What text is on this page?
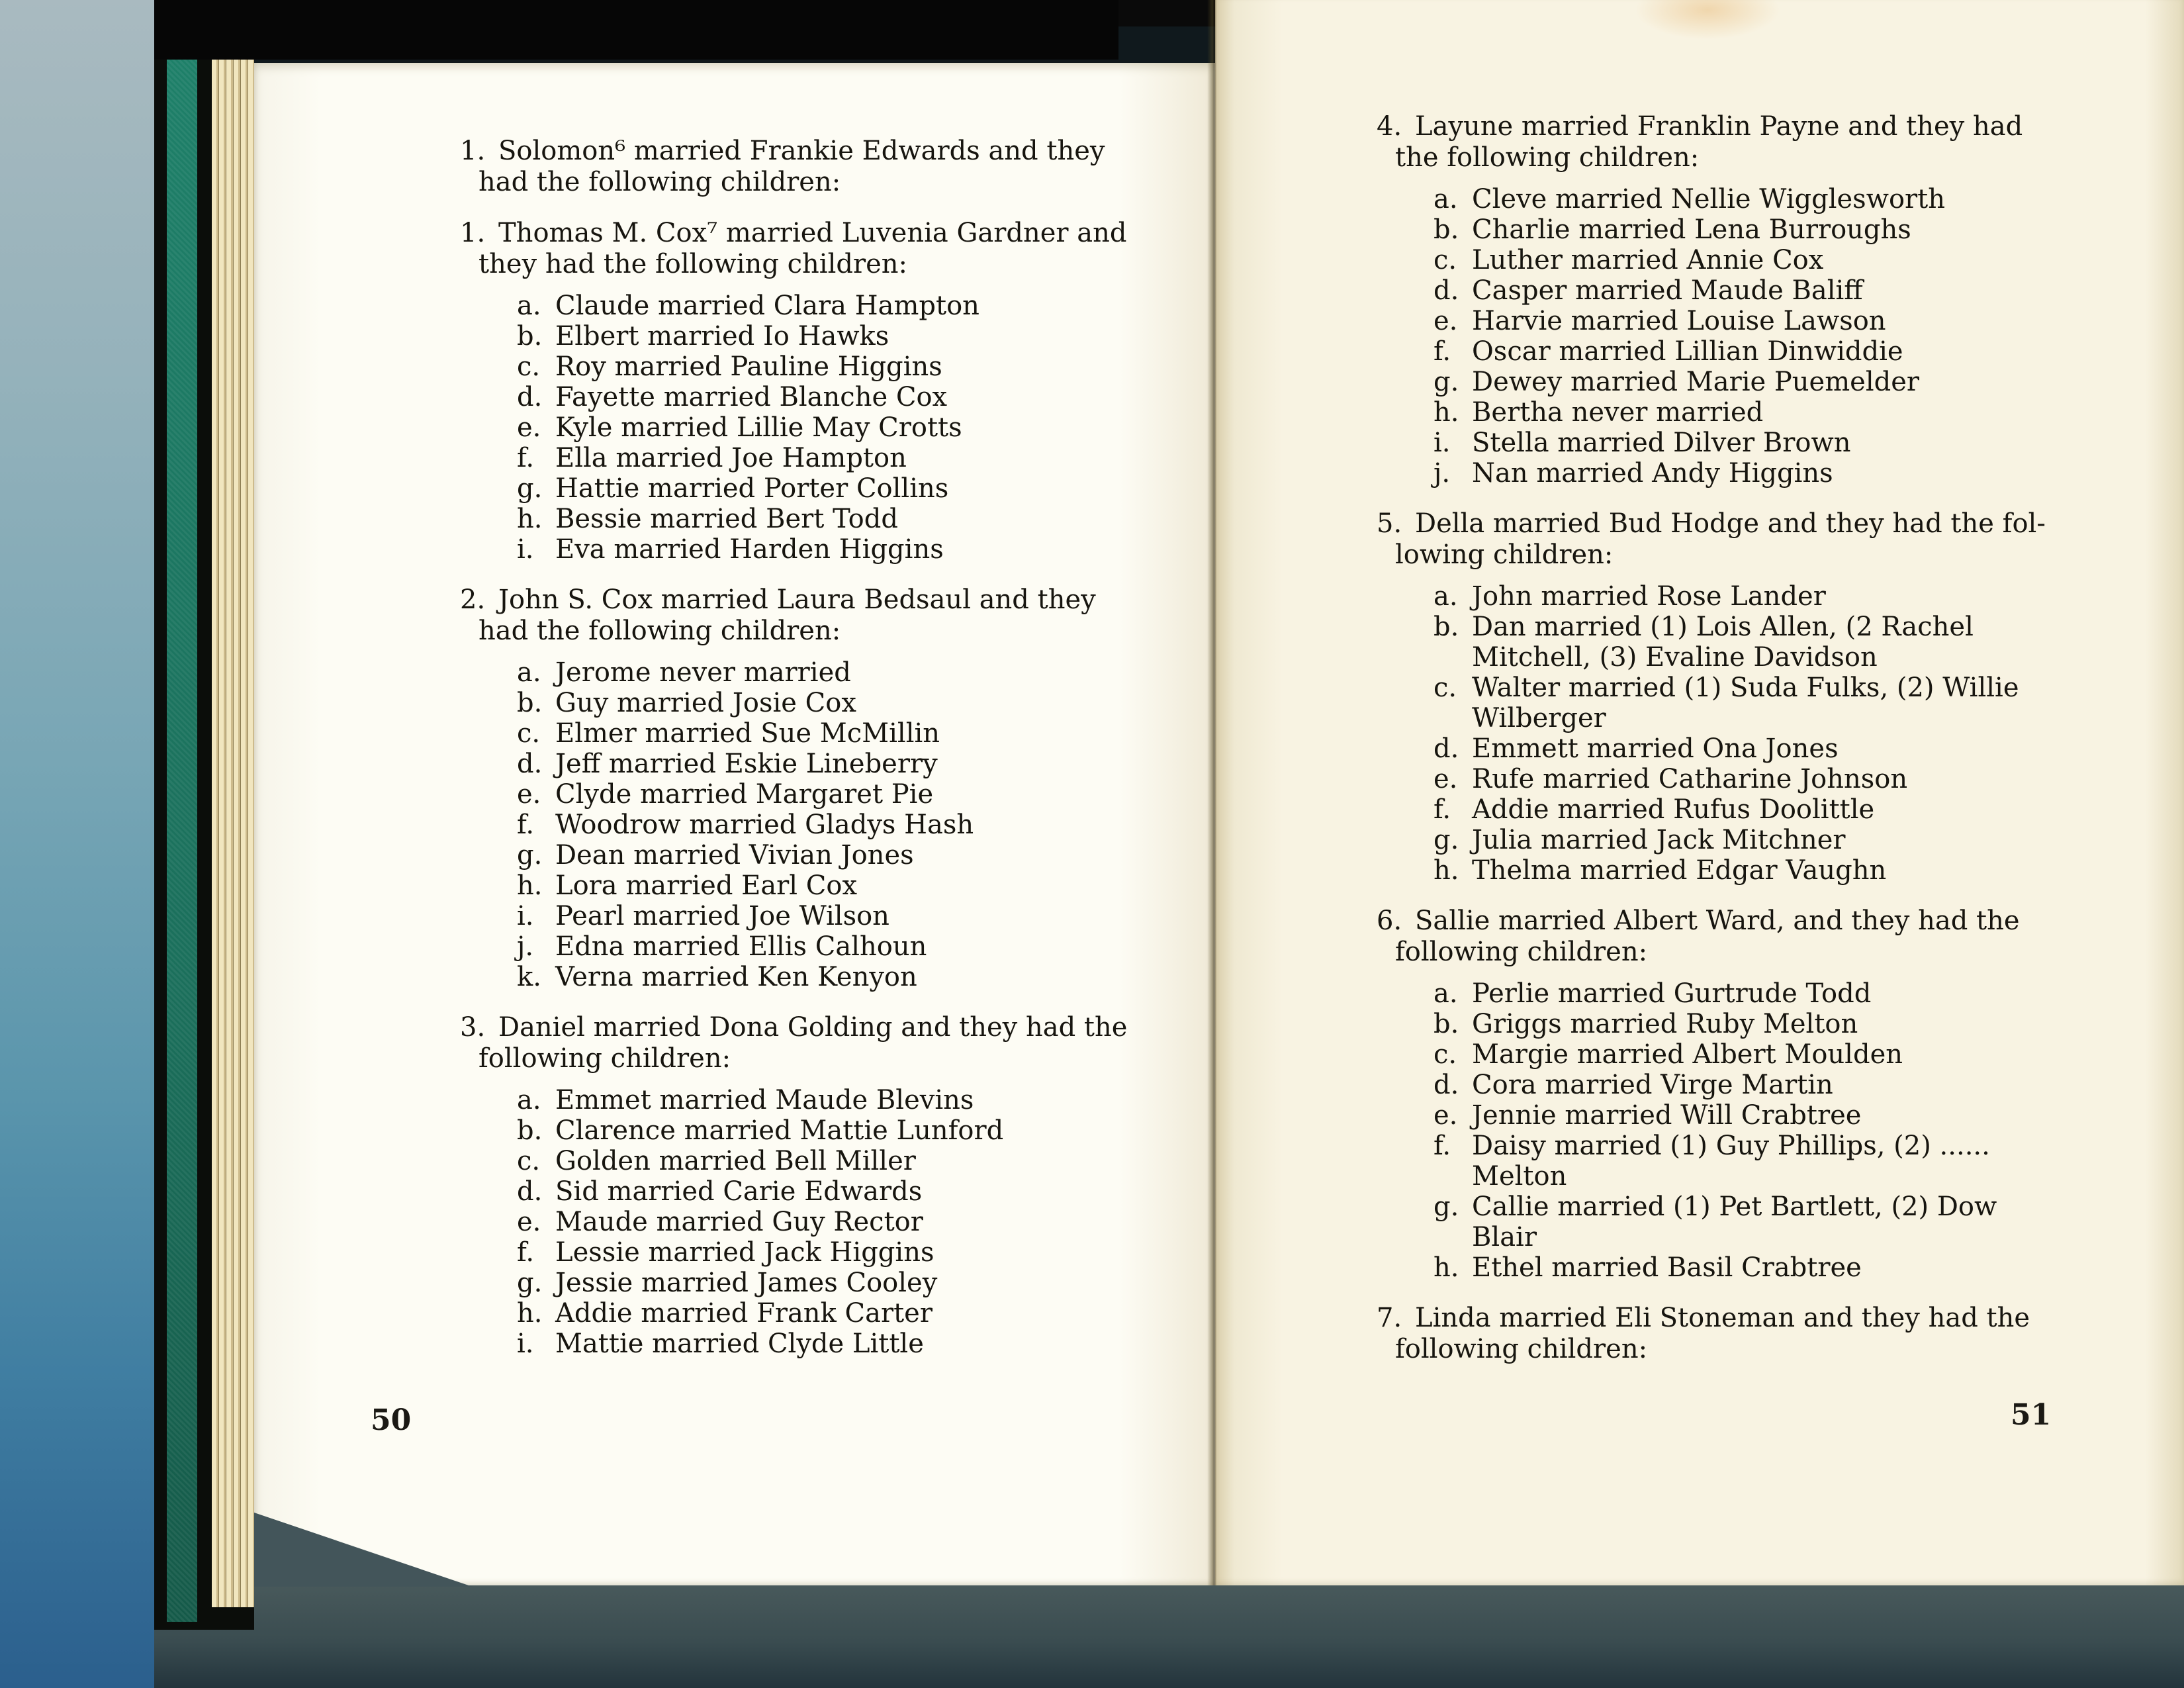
1. Solomon⁶ married Frankie Edwards and they
had the following children:
1. Thomas M. Cox⁷ married Luvenia Gardner and
they had the following children:
a. Claude married Clara Hampton
b. Elbert married Io Hawks
c. Roy married Pauline Higgins
d. Fayette married Blanche Cox
e. Kyle married Lillie May Crotts
f. Ella married Joe Hampton
g. Hattie married Porter Collins
h. Bessie married Bert Todd
i. Eva married Harden Higgins
2. John S. Cox married Laura Bedsaul and they
had the following children:
a. Jerome never married
b. Guy married Josie Cox
c. Elmer married Sue McMillin
d. Jeff married Eskie Lineberry
e. Clyde married Margaret Pie
f. Woodrow married Gladys Hash
g. Dean married Vivian Jones
h. Lora married Earl Cox
i. Pearl married Joe Wilson
j. Edna married Ellis Calhoun
k. Verna married Ken Kenyon
3. Daniel married Dona Golding and they had the
following children:
a. Emmet married Maude Blevins
b. Clarence married Mattie Lunford
c. Golden married Bell Miller
d. Sid married Carie Edwards
e. Maude married Guy Rector
f. Lessie married Jack Higgins
g. Jessie married James Cooley
h. Addie married Frank Carter
i. Mattie married Clyde Little
4. Layune married Franklin Payne and they had
the following children:
a. Cleve married Nellie Wigglesworth
b. Charlie married Lena Burroughs
c. Luther married Annie Cox
d. Casper married Maude Baliff
e. Harvie married Louise Lawson
f. Oscar married Lillian Dinwiddie
g. Dewey married Marie Puemelder
h. Bertha never married
i. Stella married Dilver Brown
j. Nan married Andy Higgins
5. Della married Bud Hodge and they had the fol-
lowing children:
a. John married Rose Lander
b. Dan married (1) Lois Allen, (2 Rachel
Mitchell, (3) Evaline Davidson
c. Walter married (1) Suda Fulks, (2) Willie
Wilberger
d. Emmett married Ona Jones
e. Rufe married Catharine Johnson
f. Addie married Rufus Doolittle
g. Julia married Jack Mitchner
h. Thelma married Edgar Vaughn
6. Sallie married Albert Ward, and they had the
following children:
a. Perlie married Gurtrude Todd
b. Griggs married Ruby Melton
c. Margie married Albert Moulden
d. Cora married Virge Martin
e. Jennie married Will Crabtree
f. Daisy married (1) Guy Phillips, (2) ......
Melton
g. Callie married (1) Pet Bartlett, (2) Dow
Blair
h. Ethel married Basil Crabtree
7. Linda married Eli Stoneman and they had the
following children:
50	51
